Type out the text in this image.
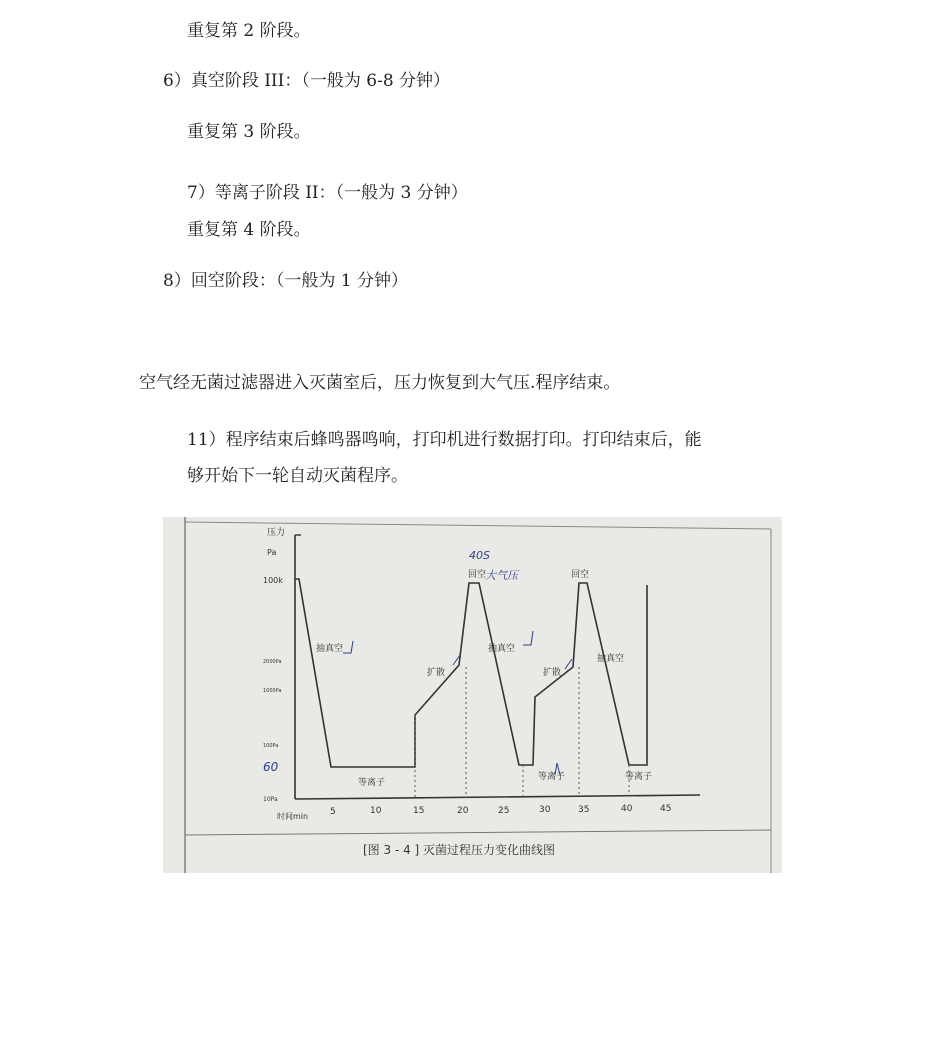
重复第 2 阶段。
6）真空阶段 III：（一般为 6-8 分钟）
重复第 3 阶段。
7）等离子阶段 II：（一般为 3 分钟）
重复第 4 阶段。
8）回空阶段：（一般为 1 分钟）
空气经无菌过滤器进入灭菌室后，压力恢复到大气压.程序结束。
11）程序结束后蜂鸣器鸣响，打印机进行数据打印。打印结束后，能
够开始下一轮自动灭菌程序。
压力
Pa
100k
2000Pa
1000Pa
100Pa
10Pa
时间min 5	10	15	20	25	30	35	40	45
抽真空
等离子
扩散
回空
抽真空
等离子
扩散
回空
抽真空
等离子
40S
大气压
60
[图 3 - 4 ] 灭菌过程压力变化曲线图
